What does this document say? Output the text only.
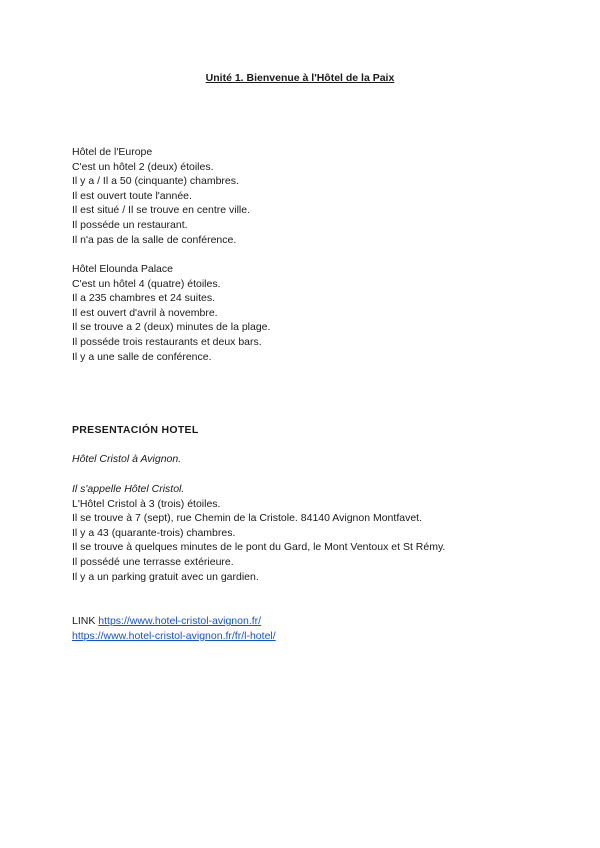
Unité 1. Bienvenue à l'Hôtel de la Paix

Hôtel de l'Europe
C'est un hôtel 2 (deux) étoiles.
Il y a / Il a 50 (cinquante) chambres.
Il est ouvert toute l'année.
Il est situé / Il se trouve en centre ville.
Il posséde un restaurant.
Il n'a pas de la salle de conférence.
Hôtel Elounda Palace
C'est un hôtel 4 (quatre) étoiles.
Il a 235 chambres et 24 suites.
Il est ouvert d'avril à novembre.
Il se trouve a 2 (deux) minutes de la plage.
Il posséde trois restaurants et deux bars.
Il y a une salle de conférence.

PRESENTACIÓN HOTEL

Hôtel Cristol à Avignon.
Il s'appelle Hôtel Cristol.
L'Hôtel Cristol à 3 (trois) étoiles.
Il se trouve à 7 (sept), rue Chemin de la Cristole. 84140 Avignon Montfavet.
Il y a 43 (quarante-trois) chambres.
Il se trouve à quelques minutes de le pont du Gard, le Mont Ventoux et St Rémy.
Il possédé une terrasse extérieure.
Il y a un parking gratuit avec un gardien.
LINK https://www.hotel-cristol-avignon.fr/
https://www.hotel-cristol-avignon.fr/fr/l-hotel/
